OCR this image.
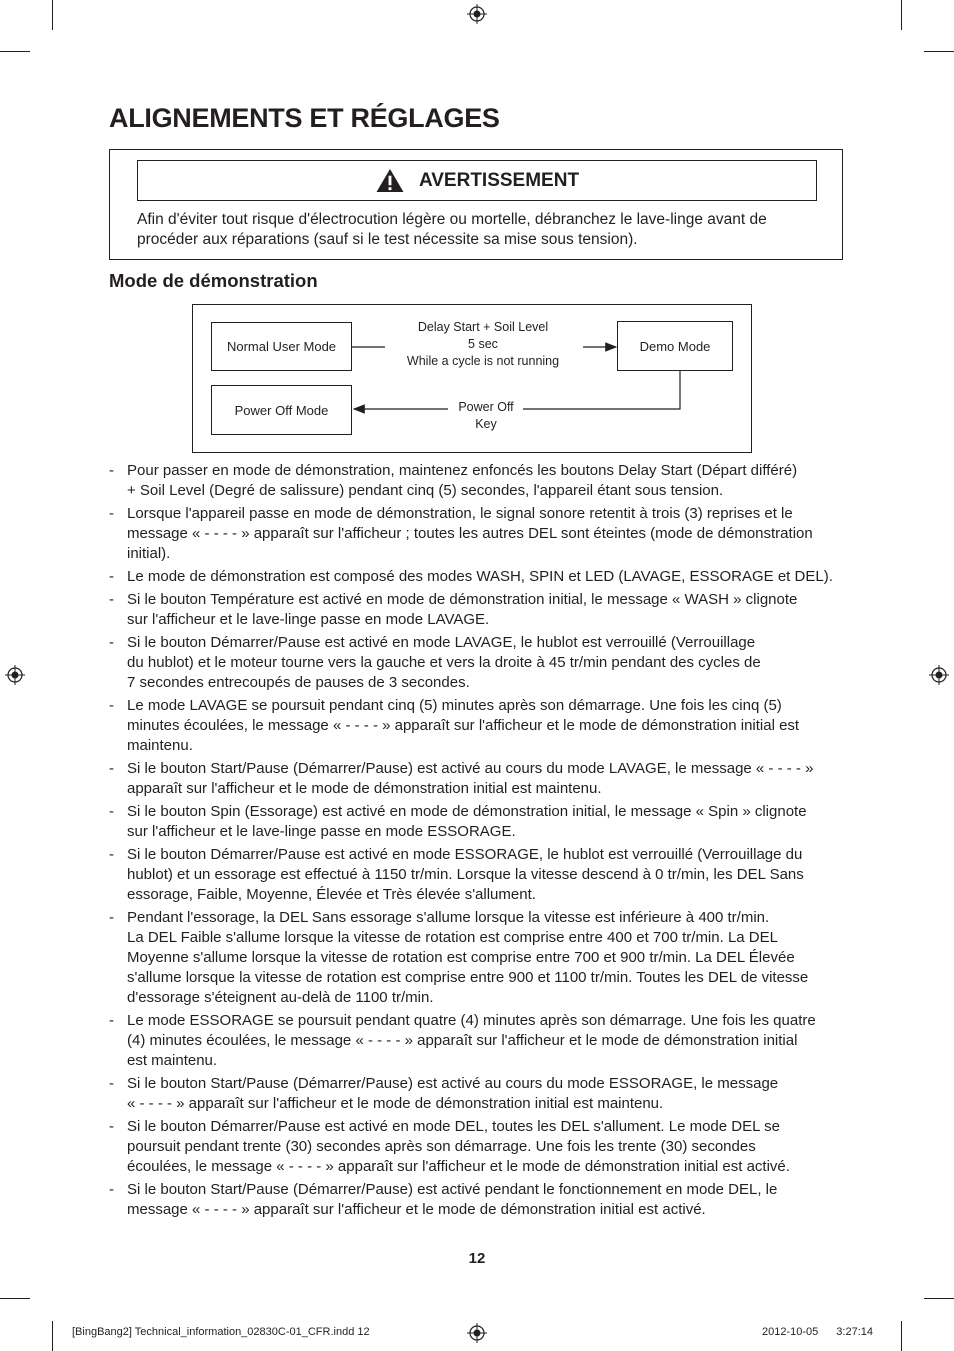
ALIGNEMENTS ET RÉGLAGES
AVERTISSEMENT

Afin d'éviter tout risque d'électrocution légère ou mortelle, débranchez le lave-linge avant de procéder aux réparations (sauf si le test nécessite sa mise sous tension).

Mode de démonstration
Normal User Mode	Demo Mode
Power Off Mode
Delay Start + Soil Level
5 sec
While a cycle is not running
Power Off Key
- Pour passer en mode de démonstration, maintenez enfoncés les boutons Delay Start (Départ différé)
+ Soil Level (Degré de salissure) pendant cinq (5) secondes, l'appareil étant sous tension.
- Lorsque l'appareil passe en mode de démonstration, le signal sonore retentit à trois (3) reprises et le
message « - - - - » apparaît sur l'afficheur ; toutes les autres DEL sont éteintes (mode de démonstration
initial).
- Le mode de démonstration est composé des modes WASH, SPIN et LED (LAVAGE, ESSORAGE et DEL).
- Si le bouton Température est activé en mode de démonstration initial, le message « WASH » clignote
sur l'afficheur et le lave-linge passe en mode LAVAGE.
- Si le bouton Démarrer/Pause est activé en mode LAVAGE, le hublot est verrouillé (Verrouillage
du hublot) et le moteur tourne vers la gauche et vers la droite à 45 tr/min pendant des cycles de
7 secondes entrecoupés de pauses de 3 secondes.
- Le mode LAVAGE se poursuit pendant cinq (5) minutes après son démarrage. Une fois les cinq (5)
minutes écoulées, le message « - - - - » apparaît sur l'afficheur et le mode de démonstration initial est
maintenu.
- Si le bouton Start/Pause (Démarrer/Pause) est activé au cours du mode LAVAGE, le message « - - - - »
apparaît sur l'afficheur et le mode de démonstration initial est maintenu.
- Si le bouton Spin (Essorage) est activé en mode de démonstration initial, le message « Spin » clignote
sur l'afficheur et le lave-linge passe en mode ESSORAGE.
- Si le bouton Démarrer/Pause est activé en mode ESSORAGE, le hublot est verrouillé (Verrouillage du
hublot) et un essorage est effectué à 1150 tr/min. Lorsque la vitesse descend à 0 tr/min, les DEL Sans
essorage, Faible, Moyenne, Élevée et Très élevée s'allument.
- Pendant l'essorage, la DEL Sans essorage s'allume lorsque la vitesse est inférieure à 400 tr/min.
La DEL Faible s'allume lorsque la vitesse de rotation est comprise entre 400 et 700 tr/min. La DEL
Moyenne s'allume lorsque la vitesse de rotation est comprise entre 700 et 900 tr/min. La DEL Élevée
s'allume lorsque la vitesse de rotation est comprise entre 900 et 1100 tr/min. Toutes les DEL de vitesse
d'essorage s'éteignent au-delà de 1100 tr/min.
- Le mode ESSORAGE se poursuit pendant quatre (4) minutes après son démarrage. Une fois les quatre
(4) minutes écoulées, le message « - - - - » apparaît sur l'afficheur et le mode de démonstration initial
est maintenu.
- Si le bouton Start/Pause (Démarrer/Pause) est activé au cours du mode ESSORAGE, le message
« - - - - » apparaît sur l'afficheur et le mode de démonstration initial est maintenu.
- Si le bouton Démarrer/Pause est activé en mode DEL, toutes les DEL s'allument. Le mode DEL se
poursuit pendant trente (30) secondes après son démarrage. Une fois les trente (30) secondes
écoulées, le message « - - - - » apparaît sur l'afficheur et le mode de démonstration initial est activé.
- Si le bouton Start/Pause (Démarrer/Pause) est activé pendant le fonctionnement en mode DEL, le
message « - - - - » apparaît sur l'afficheur et le mode de démonstration initial est activé.
12
[BingBang2] Technical_information_02830C-01_CFR.indd 12	2012-10-05 3:27:14
